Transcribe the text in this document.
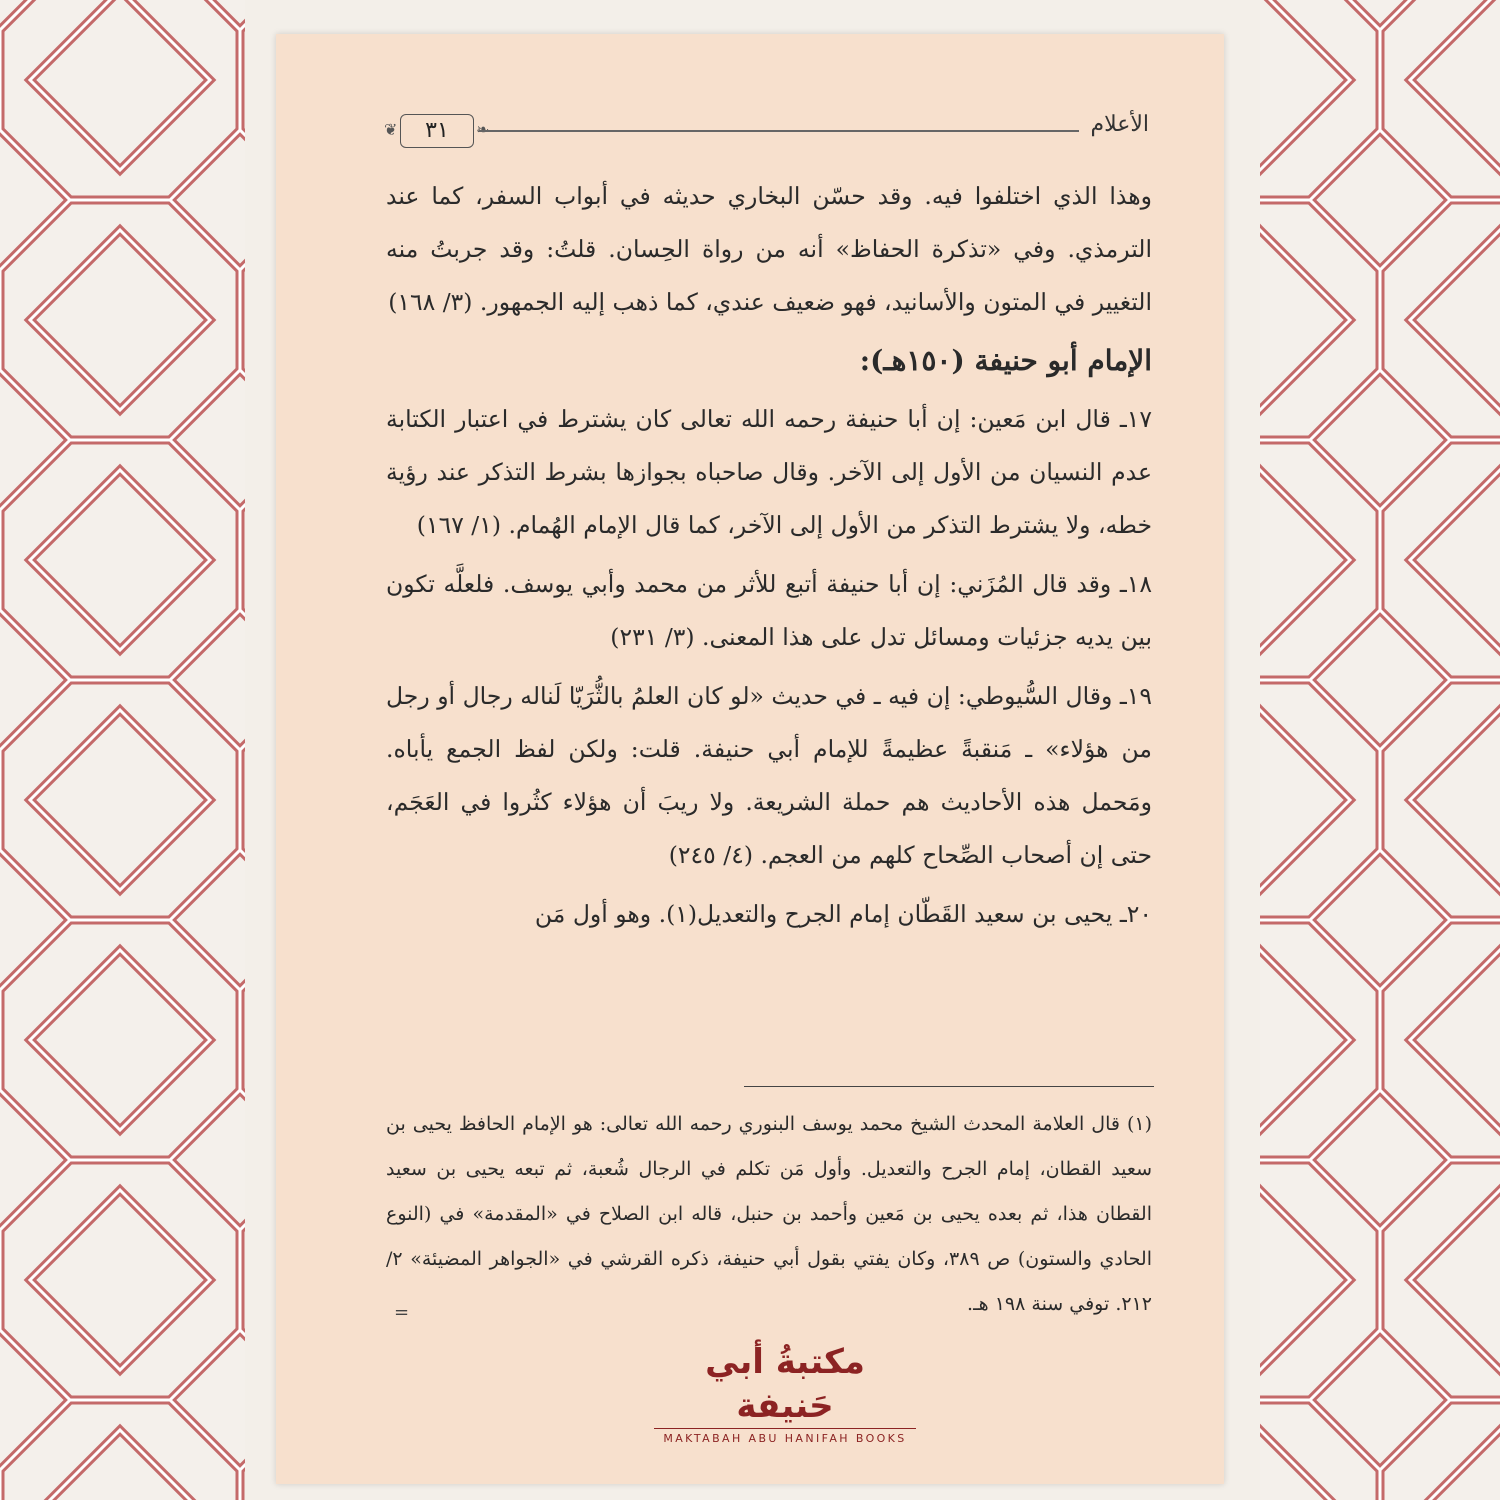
❦	٣١	❧	الأعلام

وهذا الذي اختلفوا فيه. وقد حسّن البخاري حديثه في أبواب السفر، كما عند الترمذي. وفي «تذكرة الحفاظ» أنه من رواة الحِسان. قلتُ: وقد جربتُ منه التغيير في المتون والأسانيد، فهو ضعيف عندي، كما ذهب إليه الجمهور. (٣/ ١٦٨)

الإمام أبو حنيفة (١٥٠هـ):

١٧ـ قال ابن مَعين: إن أبا حنيفة رحمه الله تعالى كان يشترط في اعتبار الكتابة عدم النسيان من الأول إلى الآخر. وقال صاحباه بجوازها بشرط التذكر عند رؤية خطه، ولا يشترط التذكر من الأول إلى الآخر، كما قال الإمام الهُمام. (١/ ١٦٧)

١٨ـ وقد قال المُزَني: إن أبا حنيفة أتبع للأثر من محمد وأبي يوسف. فلعلَّه تكون بين يديه جزئيات ومسائل تدل على هذا المعنى. (٣/ ٢٣١)

١٩ـ وقال السُّيوطي: إن فيه ـ في حديث «لو كان العلمُ بالثُّرَيّا لَناله رجال أو رجل من هؤلاء» ـ مَنقبةً عظيمةً للإمام أبي حنيفة. قلت: ولكن لفظ الجمع يأباه. ومَحمل هذه الأحاديث هم حملة الشريعة. ولا ريبَ أن هؤلاء كثُروا في العَجَم، حتى إن أصحاب الصِّحاح كلهم من العجم. (٤/ ٢٤٥)

٢٠ـ يحيى بن سعيد القَطّان إمام الجرح والتعديل(١). وهو أول مَن

(١) قال العلامة المحدث الشيخ محمد يوسف البنوري رحمه الله تعالى: هو الإمام الحافظ يحيى بن سعيد القطان، إمام الجرح والتعديل. وأول مَن تكلم في الرجال شُعبة، ثم تبعه يحيى بن سعيد القطان هذا، ثم بعده يحيى بن مَعين وأحمد بن حنبل، قاله ابن الصلاح في «المقدمة» في (النوع الحادي والستون) ص ٣٨٩، وكان يفتي بقول أبي حنيفة، ذكره القرشي في «الجواهر المضيئة» ٢/ ٢١٢. توفي سنة ١٩٨ هـ.
=
مكتبةُ أبي حَنيفة
MAKTABAH ABU HANIFAH BOOKS
